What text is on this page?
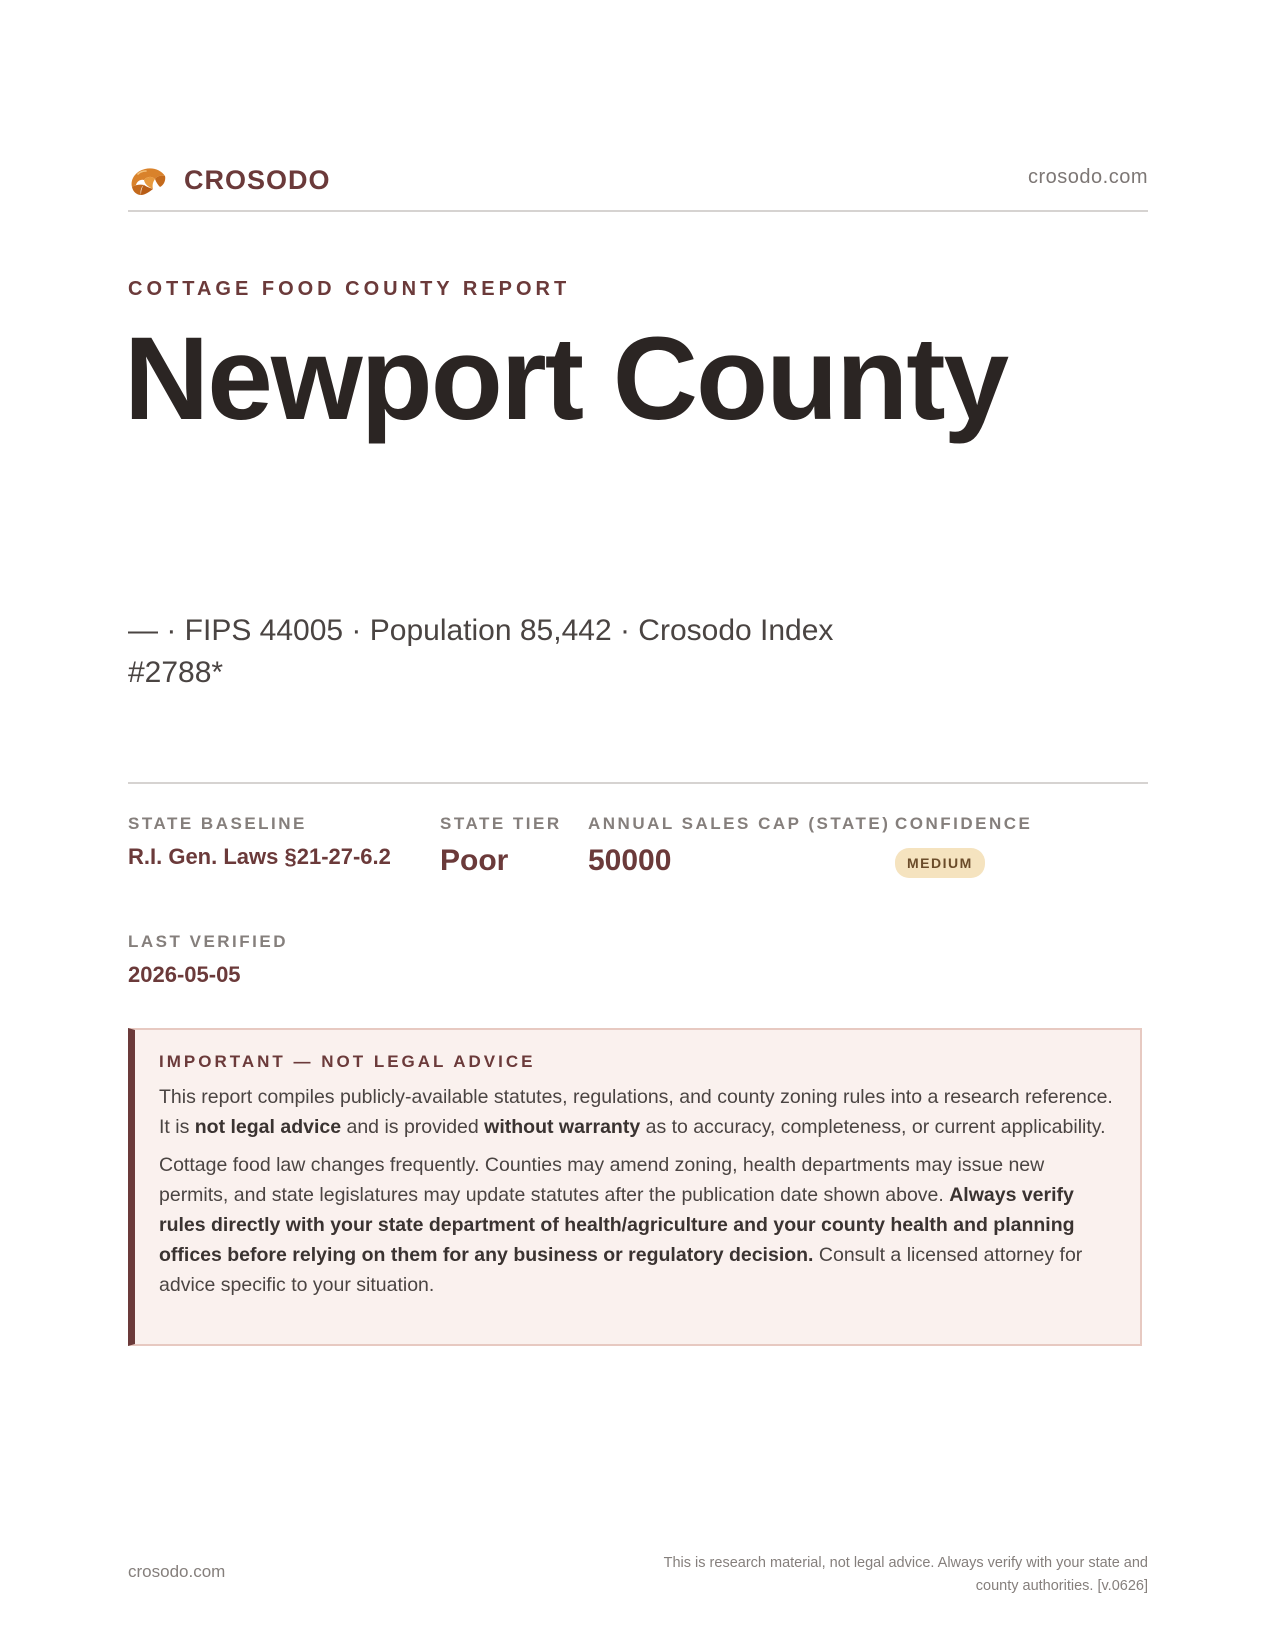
CROSODO	crosodo.com
COTTAGE FOOD COUNTY REPORT
Newport County
— · FIPS 44005 · Population 85,442 · Crosodo Index #2788*
STATE BASELINE
R.I. Gen. Laws §21-27-6.2
STATE TIER
Poor
ANNUAL SALES CAP (STATE)
50000
CONFIDENCE
MEDIUM
LAST VERIFIED
2026-05-05
IMPORTANT — NOT LEGAL ADVICE

This report compiles publicly-available statutes, regulations, and county zoning rules into a research reference. It is not legal advice and is provided without warranty as to accuracy, completeness, or current applicability.

Cottage food law changes frequently. Counties may amend zoning, health departments may issue new permits, and state legislatures may update statutes after the publication date shown above. Always verify rules directly with your state department of health/agriculture and your county health and planning offices before relying on them for any business or regulatory decision. Consult a licensed attorney for advice specific to your situation.

crosodo.com	This is research material, not legal advice. Always verify with your state and county authorities. [v.0626]
